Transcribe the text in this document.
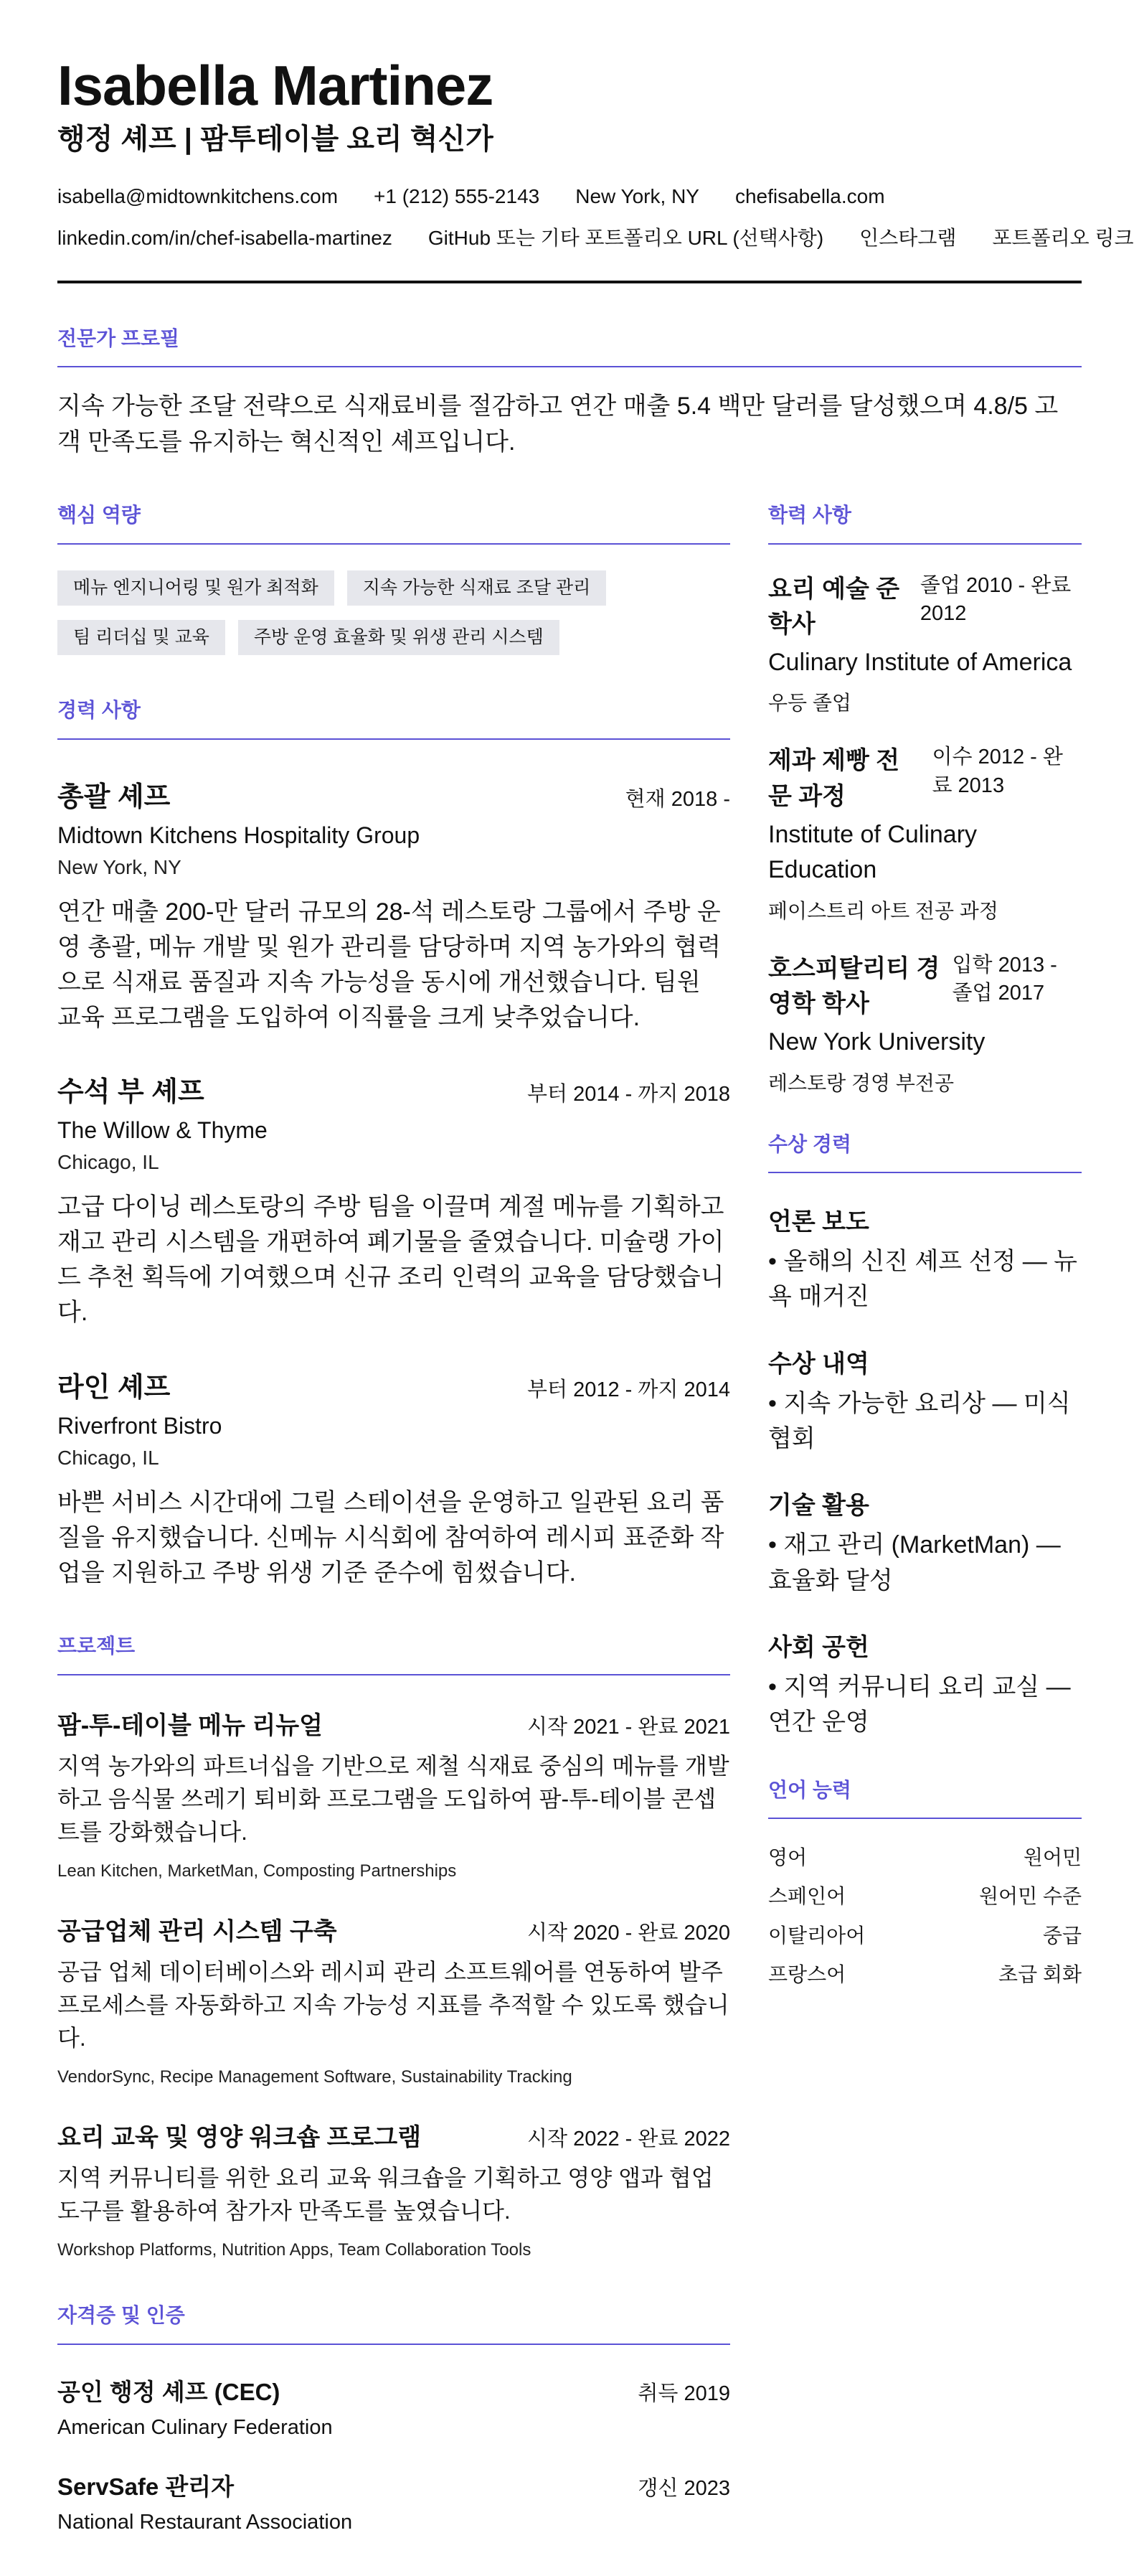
Isabella Martinez
행정 셰프 | 팜투테이블 요리 혁신가
isabella@midtownkitchens.com +1 (212) 555-2143 New York, NY chefisabella.com
linkedin.com/in/chef-isabella-martinez GitHub 또는 기타 포트폴리오 URL (선택사항) 인스타그램 포트폴리오 링크
전문가 프로필
지속 가능한 조달 전략으로 식재료비를 절감하고 연간 매출 5.4 백만 달러를 달성했으며 4.8/5 고객 만족도를 유지하는 혁신적인 셰프입니다.
핵심 역량
메뉴 엔지니어링 및 원가 최적화	지속 가능한 식재료 조달 관리
팀 리더십 및 교육	주방 운영 효율화 및 위생 관리 시스템
경력 사항
총괄 셰프	현재 2018 -
Midtown Kitchens Hospitality Group
New York, NY
연간 매출 200-만 달러 규모의 28-석 레스토랑 그룹에서 주방 운영 총괄, 메뉴 개발 및 원가 관리를 담당하며 지역 농가와의 협력으로 식재료 품질과 지속 가능성을 동시에 개선했습니다. 팀원 교육 프로그램을 도입하여 이직률을 크게 낮추었습니다.
수석 부 셰프	부터 2014 - 까지 2018
The Willow & Thyme
Chicago, IL
고급 다이닝 레스토랑의 주방 팀을 이끌며 계절 메뉴를 기획하고 재고 관리 시스템을 개편하여 폐기물을 줄였습니다. 미슐랭 가이드 추천 획득에 기여했으며 신규 조리 인력의 교육을 담당했습니다.
라인 셰프	부터 2012 - 까지 2014
Riverfront Bistro
Chicago, IL
바쁜 서비스 시간대에 그릴 스테이션을 운영하고 일관된 요리 품질을 유지했습니다. 신메뉴 시식회에 참여하여 레시피 표준화 작업을 지원하고 주방 위생 기준 준수에 힘썼습니다.
프로젝트
팜-투-테이블 메뉴 리뉴얼	시작 2021 - 완료 2021
지역 농가와의 파트너십을 기반으로 제철 식재료 중심의 메뉴를 개발하고 음식물 쓰레기 퇴비화 프로그램을 도입하여 팜-투-테이블 콘셉트를 강화했습니다.
Lean Kitchen, MarketMan, Composting Partnerships
공급업체 관리 시스템 구축	시작 2020 - 완료 2020
공급 업체 데이터베이스와 레시피 관리 소프트웨어를 연동하여 발주 프로세스를 자동화하고 지속 가능성 지표를 추적할 수 있도록 했습니다.
VendorSync, Recipe Management Software, Sustainability Tracking
요리 교육 및 영양 워크숍 프로그램	시작 2022 - 완료 2022
지역 커뮤니티를 위한 요리 교육 워크숍을 기획하고 영양 앱과 협업 도구를 활용하여 참가자 만족도를 높였습니다.
Workshop Platforms, Nutrition Apps, Team Collaboration Tools
자격증 및 인증
공인 행정 셰프 (CEC)	취득 2019
American Culinary Federation
ServSafe 관리자	갱신 2023
National Restaurant Association
학력 사항
요리 예술 준학사
졸업 2010 - 완료 2012
Culinary Institute of America
우등 졸업
제과 제빵 전문 과정
이수 2012 - 완료 2013
Institute of Culinary Education
페이스트리 아트 전공 과정
호스피탈리티 경영학 학사
입학 2013 - 졸업 2017
New York University
레스토랑 경영 부전공
수상 경력
언론 보도
• 올해의 신진 셰프 선정 — 뉴욕 매거진
수상 내역
• 지속 가능한 요리상 — 미식 협회
기술 활용
• 재고 관리 (MarketMan) — 효율화 달성
사회 공헌
• 지역 커뮤니티 요리 교실 — 연간 운영
언어 능력
영어	원어민
스페인어	원어민 수준
이탈리아어	중급
프랑스어	초급 회화
